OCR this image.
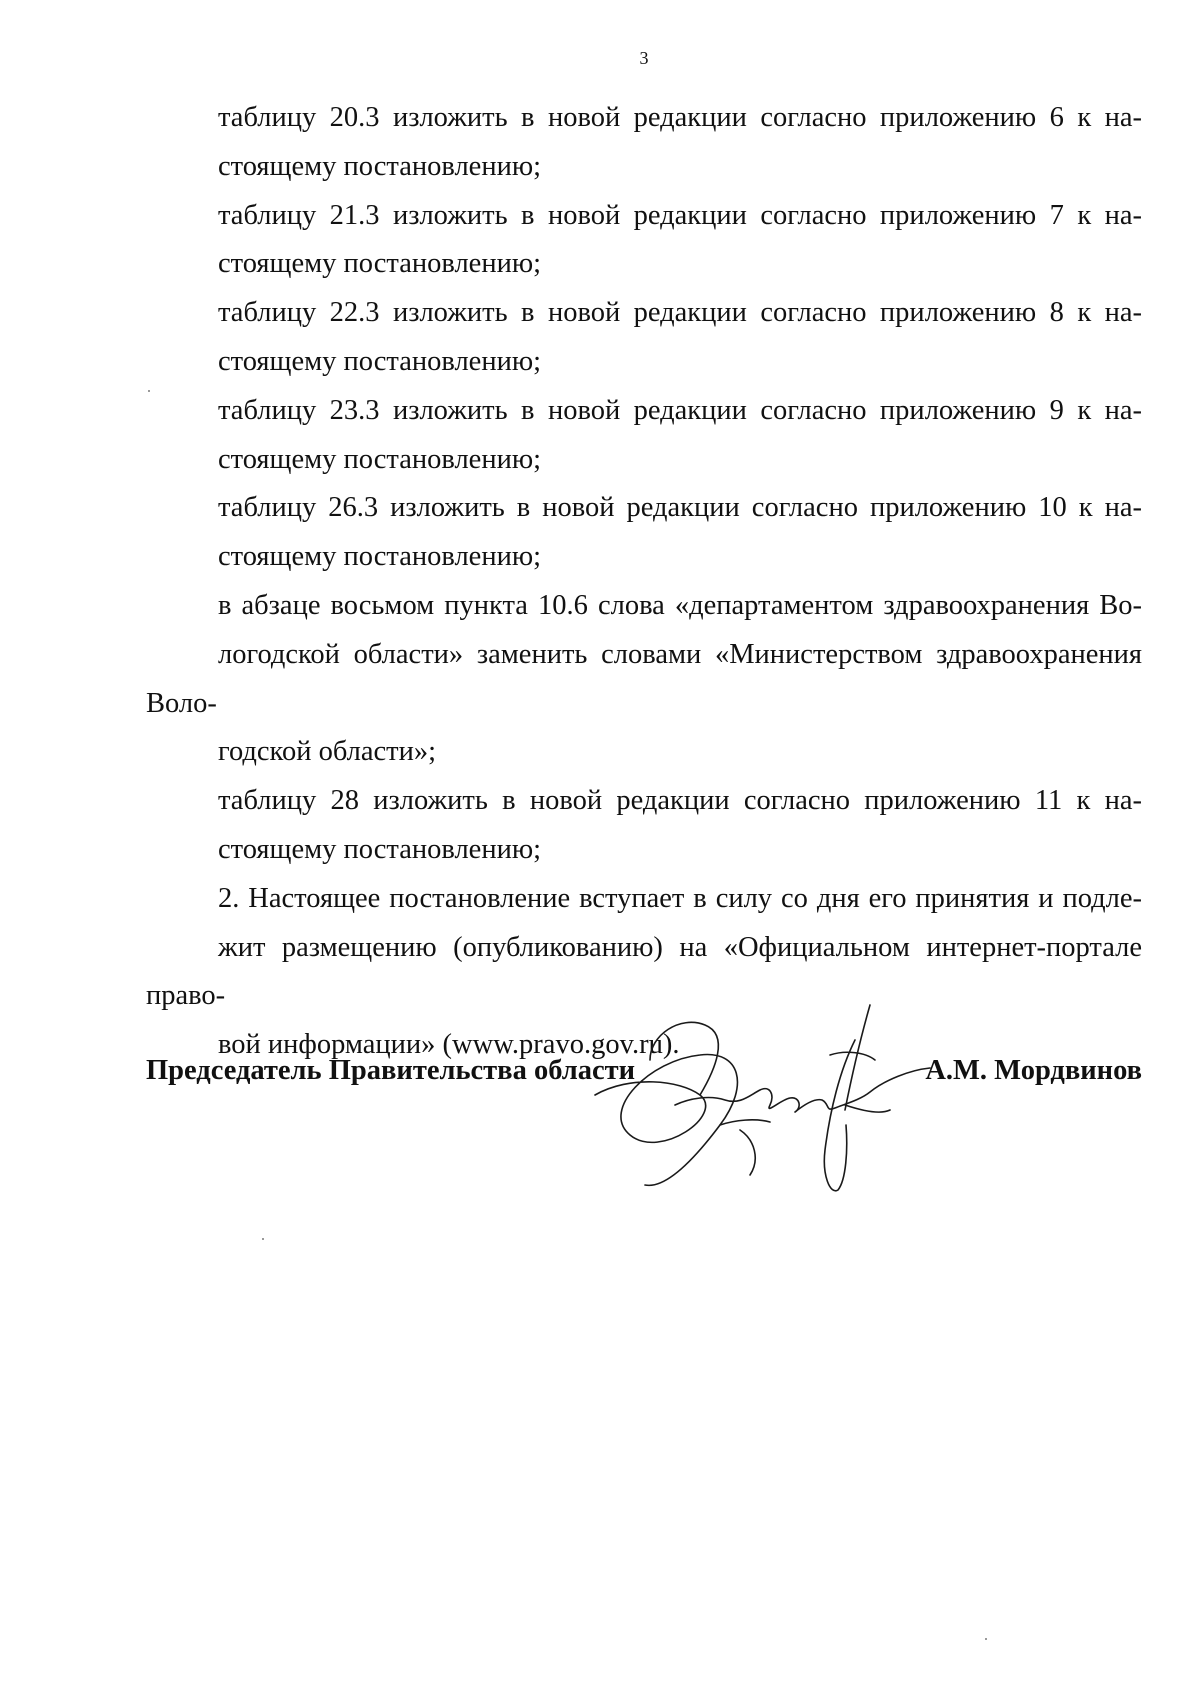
3

таблицу 20.3 изложить в новой редакции согласно приложению 6 к на-
стоящему постановлению;

таблицу 21.3 изложить в новой редакции согласно приложению 7 к на-
стоящему постановлению;

таблицу 22.3 изложить в новой редакции согласно приложению 8 к на-
стоящему постановлению;

таблицу 23.3 изложить в новой редакции согласно приложению 9 к на-
стоящему постановлению;

таблицу 26.3 изложить в новой редакции согласно приложению 10 к на-
стоящему постановлению;

в абзаце восьмом пункта 10.6 слова «департаментом здравоохранения Во-
логодской области» заменить словами «Министерством здравоохранения Воло-
годской области»;

таблицу 28 изложить в новой редакции согласно приложению 11 к на-
стоящему постановлению;

2. Настоящее постановление вступает в силу со дня его принятия и подле-
жит размещению (опубликованию) на «Официальном интернет-портале право-
вой информации» (www.pravo.gov.ru).

Председатель Правительства области	А.М. Мордвинов
